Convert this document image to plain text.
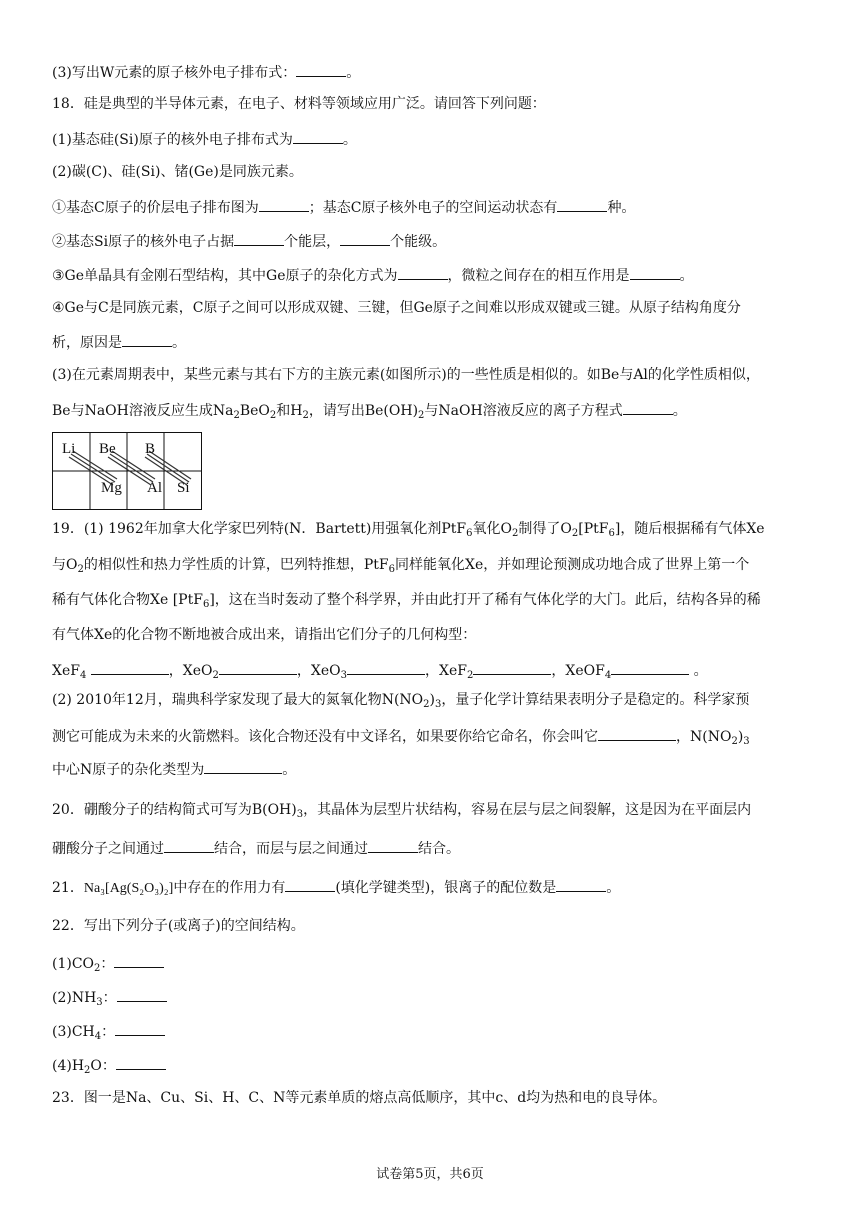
(3)写出W元素的原子核外电子排布式：	。
18．硅是典型的半导体元素，在电子、材料等领域应用广泛。请回答下列问题：
(1)基态硅(Si)原子的核外电子排布式为	。
(2)碳(C)、硅(Si)、锗(Ge)是同族元素。
①基态C原子的价层电子排布图为	；基态C原子核外电子的空间运动状态有	种。
②基态Si原子的核外电子占据	个能层，	个能级。
③Ge单晶具有金刚石型结构，其中Ge原子的杂化方式为	，微粒之间存在的相互作用是	。
④Ge与C是同族元素，C原子之间可以形成双键、三键，但Ge原子之间难以形成双键或三键。从原子结构角度分
析，原因是	。
(3)在元素周期表中，某些元素与其右下方的主族元素(如图所示)的一些性质是相似的。如Be与Al的化学性质相似，
Be与NaOH溶液反应生成$Na_2BeO_2$和$H_2$，请写出$Be(OH)_2$与NaOH溶液反应的离子方程式	。
Li Be B
Mg Al Si
19．(1) 1962年加拿大化学家巴列特(N．Bartett)用强氧化剂PtF$_6$氧化$O_2$制得了$O_2[PtF_6]$，随后根据稀有气体Xe
与$O_2$的相似性和热力学性质的计算，巴列特推想，PtF$_6$同样能氧化Xe，并如理论预测成功地合成了世界上第一个
稀有气体化合物Xe [PtF$_6$]，这在当时轰动了整个科学界，并由此打开了稀有气体化学的大门。此后，结构各异的稀
有气体Xe的化合物不断地被合成出来，请指出它们分子的几何构型：
XeF$_4$	，XeO$_2$	，XeO$_3$	，XeF$_2$	，XeOF$_4$	。
(2) 2010年12月，瑞典科学家发现了最大的氮氧化物$N(NO_2)_3$，量子化学计算结果表明分子是稳定的。科学家预
测它可能成为未来的火箭燃料。该化合物还没有中文译名，如果要你给它命名，你会叫它	，$N(NO_2)_3$
中心N原子的杂化类型为	。
20．硼酸分子的结构简式可写为$B(OH)_3$，其晶体为层型片状结构，容易在层与层之间裂解，这是因为在平面层内
硼酸分子之间通过	结合，而层与层之间通过	结合。
21．Na₃[Ag(S₂O₃)₂]中存在的作用力有	(填化学键类型)，银离子的配位数是	。
22．写出下列分子(或离子)的空间结构。
$(1)CO_2$：
$(2)NH_3$：
$(3)CH_4$：
$(4)H_2O$：
23．图一是Na、Cu、Si、H、C、N等元素单质的熔点高低顺序，其中c、d均为热和电的良导体。
试卷第5页，共6页
